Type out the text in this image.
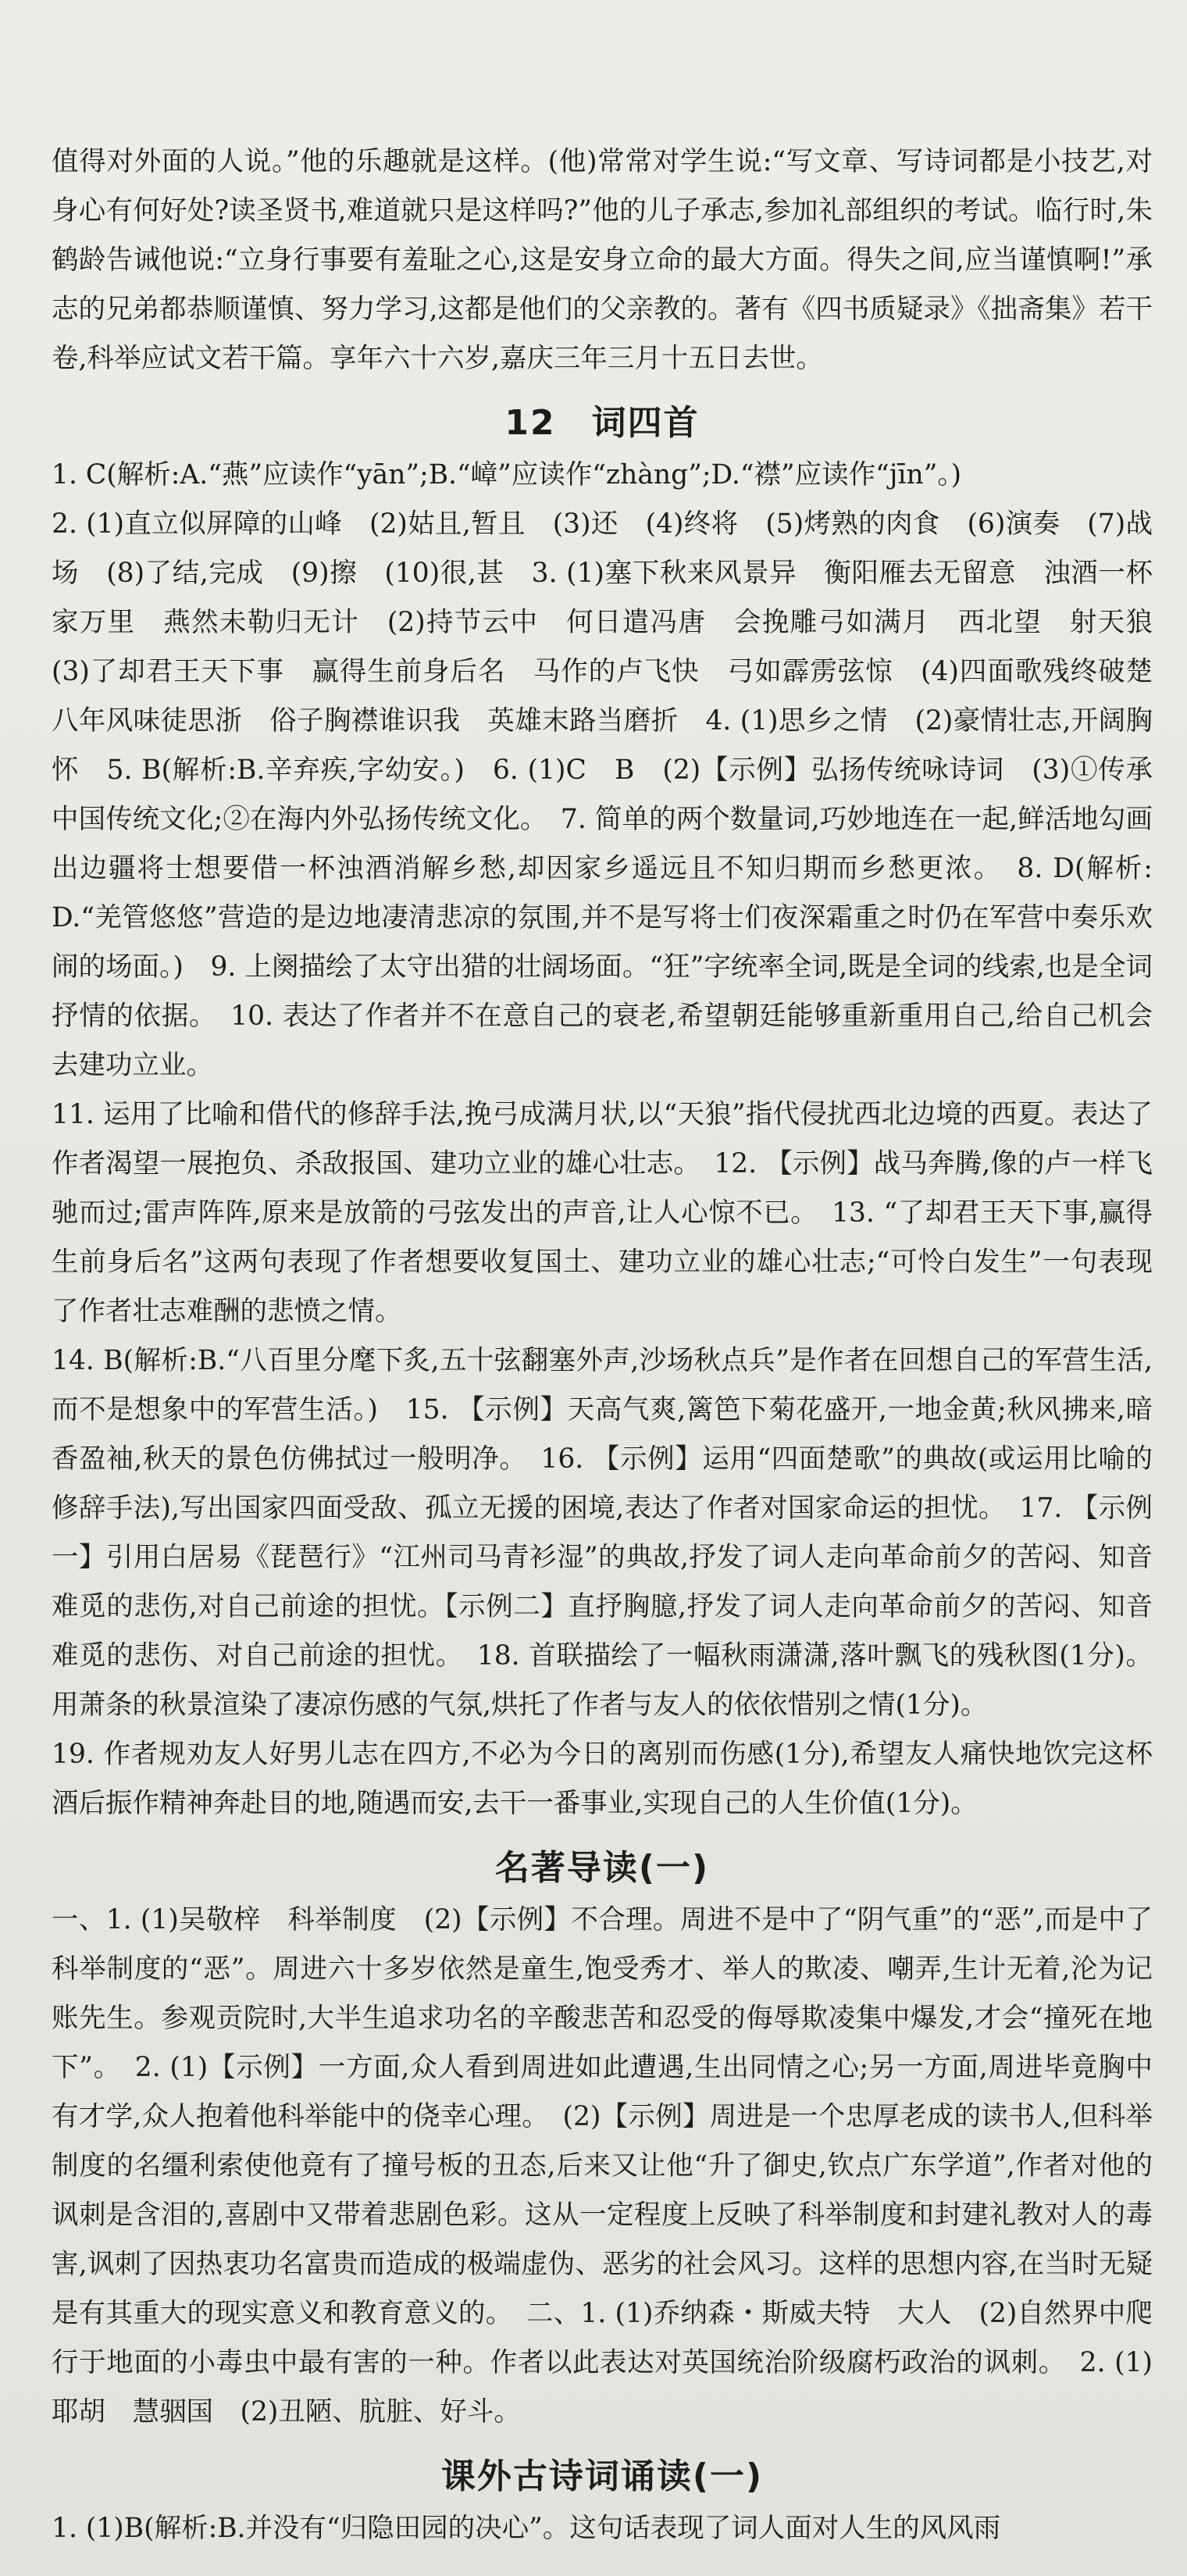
值得对外面的人说。”他的乐趣就是这样。(他)常常对学生说:“写文章、写诗词都是小技艺,对身心有何好处?读圣贤书,难道就只是这样吗?”他的儿子承志,参加礼部组织的考试。临行时,朱鹤龄告诫他说:“立身行事要有羞耻之心,这是安身立命的最大方面。得失之间,应当谨慎啊!”承志的兄弟都恭顺谨慎、努力学习,这都是他们的父亲教的。著有《四书质疑录》《拙斋集》若干卷,科举应试文若干篇。享年六十六岁,嘉庆三年三月十五日去世。

12　词四首

1. C(解析:A.“燕”应读作“yān”;B.“嶂”应读作“zhàng”;D.“襟”应读作“jīn”。)

2. (1)直立似屏障的山峰　(2)姑且,暂且　(3)还　(4)终将　(5)烤熟的肉食　(6)演奏　(7)战场　(8)了结,完成　(9)擦　(10)很,甚　3. (1)塞下秋来风景异　衡阳雁去无留意　浊酒一杯家万里　燕然未勒归无计　(2)持节云中　何日遣冯唐　会挽雕弓如满月　西北望　射天狼　(3)了却君王天下事　赢得生前身后名　马作的卢飞快　弓如霹雳弦惊　(4)四面歌残终破楚　八年风味徒思浙　俗子胸襟谁识我　英雄末路当磨折　4. (1)思乡之情　(2)豪情壮志,开阔胸怀　5. B(解析:B.辛弃疾,字幼安。)　6. (1)C　B　(2)【示例】弘扬传统咏诗词　(3)①传承中国传统文化;②在海内外弘扬传统文化。　7. 简单的两个数量词,巧妙地连在一起,鲜活地勾画出边疆将士想要借一杯浊酒消解乡愁,却因家乡遥远且不知归期而乡愁更浓。　8. D(解析:D.“羌管悠悠”营造的是边地凄清悲凉的氛围,并不是写将士们夜深霜重之时仍在军营中奏乐欢闹的场面。)　9. 上阕描绘了太守出猎的壮阔场面。“狂”字统率全词,既是全词的线索,也是全词抒情的依据。　10. 表达了作者并不在意自己的衰老,希望朝廷能够重新重用自己,给自己机会去建功立业。

11. 运用了比喻和借代的修辞手法,挽弓成满月状,以“天狼”指代侵扰西北边境的西夏。表达了作者渴望一展抱负、杀敌报国、建功立业的雄心壮志。　12. 【示例】战马奔腾,像的卢一样飞驰而过;雷声阵阵,原来是放箭的弓弦发出的声音,让人心惊不已。　13. “了却君王天下事,赢得生前身后名”这两句表现了作者想要收复国土、建功立业的雄心壮志;“可怜白发生”一句表现了作者壮志难酬的悲愤之情。

14. B(解析:B.“八百里分麾下炙,五十弦翻塞外声,沙场秋点兵”是作者在回想自己的军营生活,而不是想象中的军营生活。)　15. 【示例】天高气爽,篱笆下菊花盛开,一地金黄;秋风拂来,暗香盈袖,秋天的景色仿佛拭过一般明净。　16. 【示例】运用“四面楚歌”的典故(或运用比喻的修辞手法),写出国家四面受敌、孤立无援的困境,表达了作者对国家命运的担忧。　17. 【示例一】引用白居易《琵琶行》“江州司马青衫湿”的典故,抒发了词人走向革命前夕的苦闷、知音难觅的悲伤,对自己前途的担忧。【示例二】直抒胸臆,抒发了词人走向革命前夕的苦闷、知音难觅的悲伤、对自己前途的担忧。　18. 首联描绘了一幅秋雨潇潇,落叶飘飞的残秋图(1分)。用萧条的秋景渲染了凄凉伤感的气氛,烘托了作者与友人的依依惜别之情(1分)。

19. 作者规劝友人好男儿志在四方,不必为今日的离别而伤感(1分),希望友人痛快地饮完这杯酒后振作精神奔赴目的地,随遇而安,去干一番事业,实现自己的人生价值(1分)。

名著导读(一)

一、1. (1)吴敬梓　科举制度　(2)【示例】不合理。周进不是中了“阴气重”的“恶”,而是中了科举制度的“恶”。周进六十多岁依然是童生,饱受秀才、举人的欺凌、嘲弄,生计无着,沦为记账先生。参观贡院时,大半生追求功名的辛酸悲苦和忍受的侮辱欺凌集中爆发,才会“撞死在地下”。　2. (1)【示例】一方面,众人看到周进如此遭遇,生出同情之心;另一方面,周进毕竟胸中有才学,众人抱着他科举能中的侥幸心理。　(2)【示例】周进是一个忠厚老成的读书人,但科举制度的名缰利索使他竟有了撞号板的丑态,后来又让他“升了御史,钦点广东学道”,作者对他的讽刺是含泪的,喜剧中又带着悲剧色彩。这从一定程度上反映了科举制度和封建礼教对人的毒害,讽刺了因热衷功名富贵而造成的极端虚伪、恶劣的社会风习。这样的思想内容,在当时无疑是有其重大的现实意义和教育意义的。　二、1. (1)乔纳森・斯威夫特　大人　(2)自然界中爬行于地面的小毒虫中最有害的一种。作者以此表达对英国统治阶级腐朽政治的讽刺。　2. (1)耶胡　慧骃国　(2)丑陋、肮脏、好斗。

课外古诗词诵读(一)

1. (1)B(解析:B.并没有“归隐田园的决心”。这句话表现了词人面对人生的风风雨
